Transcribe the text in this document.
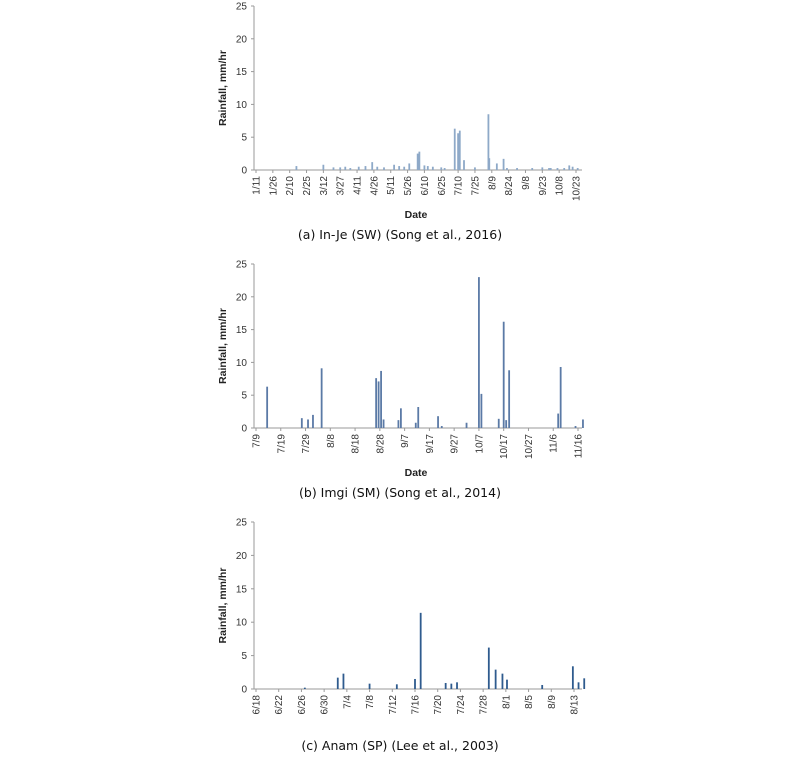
0
5
10
15
20
25
1/11 1/26 2/10 2/25 3/12 3/27 4/11 4/26 5/11 5/26 6/10 6/25 7/10 7/25 8/9 8/24 9/8 9/23 10/8 10/23
Rainfall, mm/hr
Date
(a) In-Je (SW) (Song et al., 2016)
0
5
10
15
20
25
7/9 7/19 7/29 8/8 8/18 8/28 9/7 9/17 9/27 10/7 10/17 10/27 11/6 11/16
Rainfall, mm/hr
Date
(b) Imgi (SM) (Song et al., 2014)
0
5
10
15
20
25
6/18 6/22 6/26 6/30 7/4 7/8 7/12 7/16 7/20 7/24 7/28 8/1 8/5 8/9 8/13
Rainfall, mm/hr
(c) Anam (SP) (Lee et al., 2003)
